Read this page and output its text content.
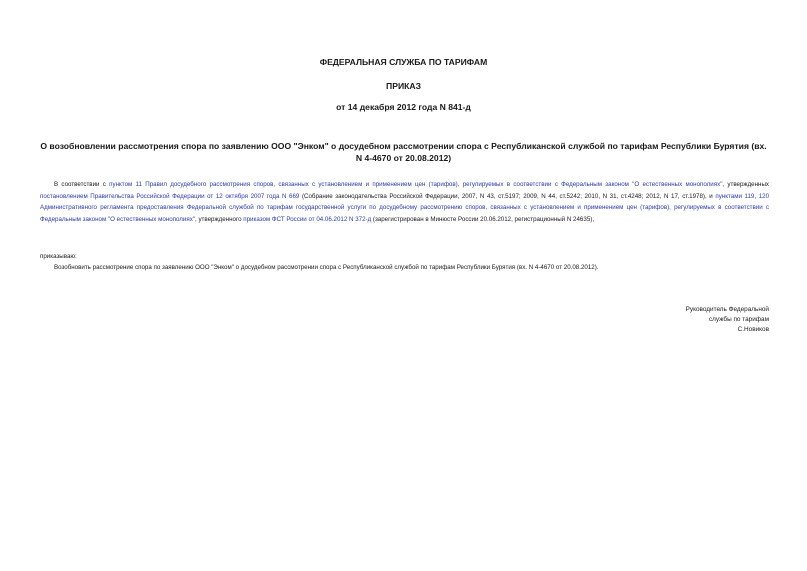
ФЕДЕРАЛЬНАЯ СЛУЖБА ПО ТАРИФАМ
ПРИКАЗ
от 14 декабря 2012 года N 841-д
О возобновлении рассмотрения спора по заявлению ООО "Энком" о досудебном рассмотрении спора с Республиканской службой по тарифам Республики Бурятия (вх. N 4-4670 от 20.08.2012)
В соответствии с пунктом 11 Правил досудебного рассмотрения споров, связанных с установлением и применением цен (тарифов), регулируемых в соответствии с Федеральным законом "О естественных монополиях", утвержденных постановлением Правительства Российской Федерации от 12 октября 2007 года N 669 (Собрание законодательства Российской Федерации, 2007, N 43, ст.5197; 2009, N 44, ст.5242; 2010, N 31, ст.4248; 2012, N 17, ст.1978), и пунктами 119, 120 Административного регламента предоставления Федеральной службой по тарифам государственной услуги по досудебному рассмотрению споров, связанных с установлением и применением цен (тарифов), регулируемых в соответствии с Федеральным законом "О естественных монополиях", утвержденного приказом ФСТ России от 04.06.2012 N 372-д (зарегистрирован в Минюсте России 20.06.2012, регистрационный N 24635),
приказываю:
Возобновить рассмотрение спора по заявлению ООО "Энком" о досудебном рассмотрении спора с Республиканской службой по тарифам Республики Бурятия (вх. N 4-4670 от 20.08.2012).
Руководитель Федеральной
службы по тарифам
С.Новиков
